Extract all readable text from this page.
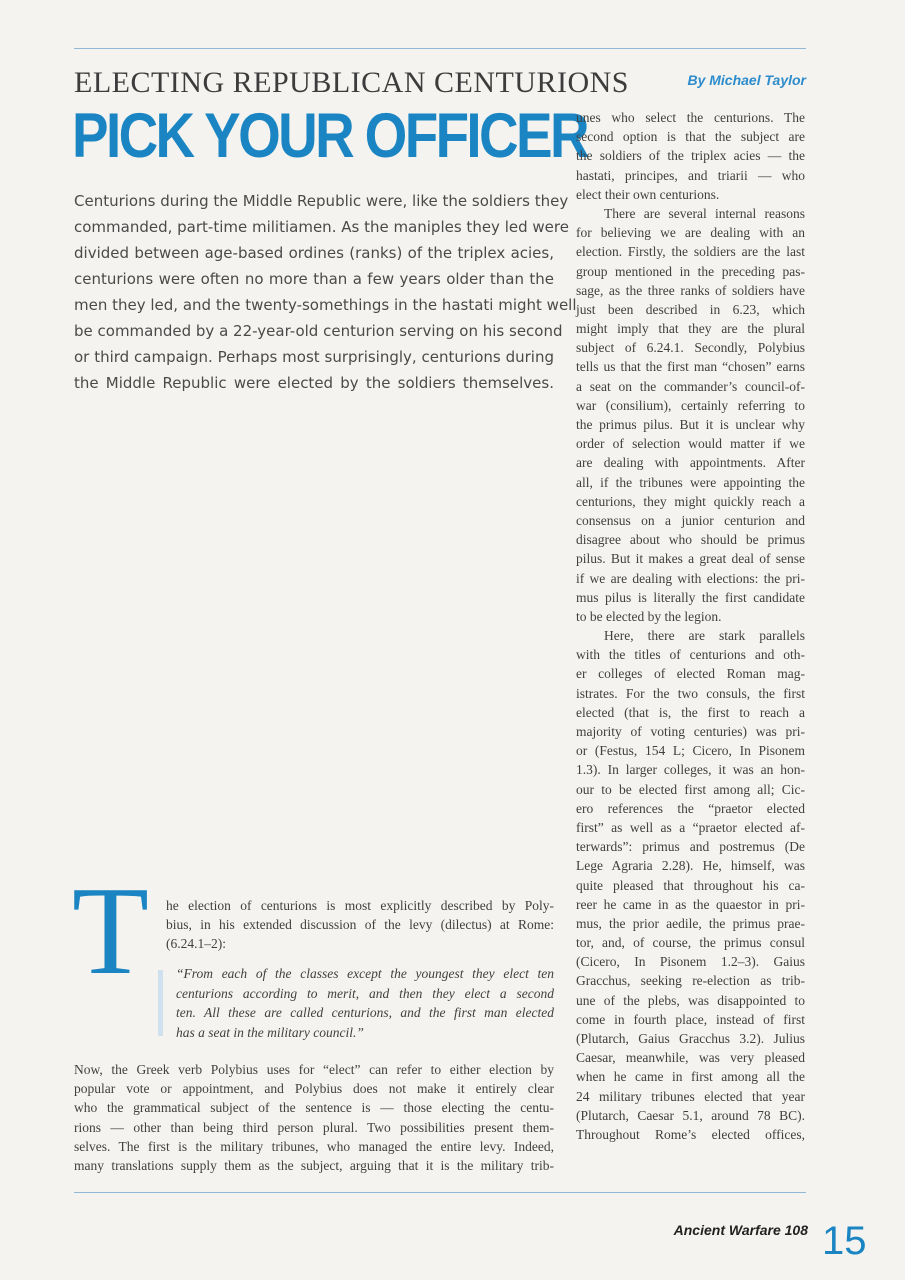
ELECTING REPUBLICAN CENTURIONS
PICK YOUR OFFICER
By Michael Taylor

Centurions during the Middle Republic were, like the soldiers they
commanded, part-time militiamen. As the maniples they led were
divided between age-based ordines (ranks) of the triplex acies,
centurions were often no more than a few years older than the
men they led, and the twenty-somethings in the hastati might well
be commanded by a 22-year-old centurion serving on his second
or third campaign. Perhaps most surprisingly, centurions during
the Middle Republic were elected by the soldiers themselves.

T he election of centurions is most explicitly described by Poly-
bius, in his extended discussion of the levy (dilectus) at Rome:
(6.24.1–2):
“From each of the classes except the youngest they elect ten
centurions according to merit, and then they elect a second
ten. All these are called centurions, and the first man elected
has a seat in the military council.”
Now, the Greek verb Polybius uses for “elect” can refer to either election by
popular vote or appointment, and Polybius does not make it entirely clear
who the grammatical subject of the sentence is — those electing the centu-
rions — other than being third person plural. Two possibilities present them-
selves. The first is the military tribunes, who managed the entire levy. Indeed,
many translations supply them as the subject, arguing that it is the military trib-
unes who select the centurions. The
second option is that the subject are
the soldiers of the triplex acies — the
hastati, principes, and triarii — who
elect their own centurions.
There are several internal reasons
for believing we are dealing with an
election. Firstly, the soldiers are the last
group mentioned in the preceding pas-
sage, as the three ranks of soldiers have
just been described in 6.23, which
might imply that they are the plural
subject of 6.24.1. Secondly, Polybius
tells us that the first man “chosen” earns
a seat on the commander’s council-of-
war (consilium), certainly referring to
the primus pilus. But it is unclear why
order of selection would matter if we
are dealing with appointments. After
all, if the tribunes were appointing the
centurions, they might quickly reach a
consensus on a junior centurion and
disagree about who should be primus
pilus. But it makes a great deal of sense
if we are dealing with elections: the pri-
mus pilus is literally the first candidate
to be elected by the legion.
Here, there are stark parallels
with the titles of centurions and oth-
er colleges of elected Roman mag-
istrates. For the two consuls, the first
elected (that is, the first to reach a
majority of voting centuries) was pri-
or (Festus, 154 L; Cicero, In Pisonem
1.3). In larger colleges, it was an hon-
our to be elected first among all; Cic-
ero references the “praetor elected
first” as well as a “praetor elected af-
terwards”: primus and postremus (De
Lege Agraria 2.28). He, himself, was
quite pleased that throughout his ca-
reer he came in as the quaestor in pri-
mus, the prior aedile, the primus prae-
tor, and, of course, the primus consul
(Cicero, In Pisonem 1.2–3). Gaius
Gracchus, seeking re-election as trib-
une of the plebs, was disappointed to
come in fourth place, instead of first
(Plutarch, Gaius Gracchus 3.2). Julius
Caesar, meanwhile, was very pleased
when he came in first among all the
24 military tribunes elected that year
(Plutarch, Caesar 5.1, around 78 BC).
Throughout Rome’s elected offices,
Ancient Warfare 108 15
